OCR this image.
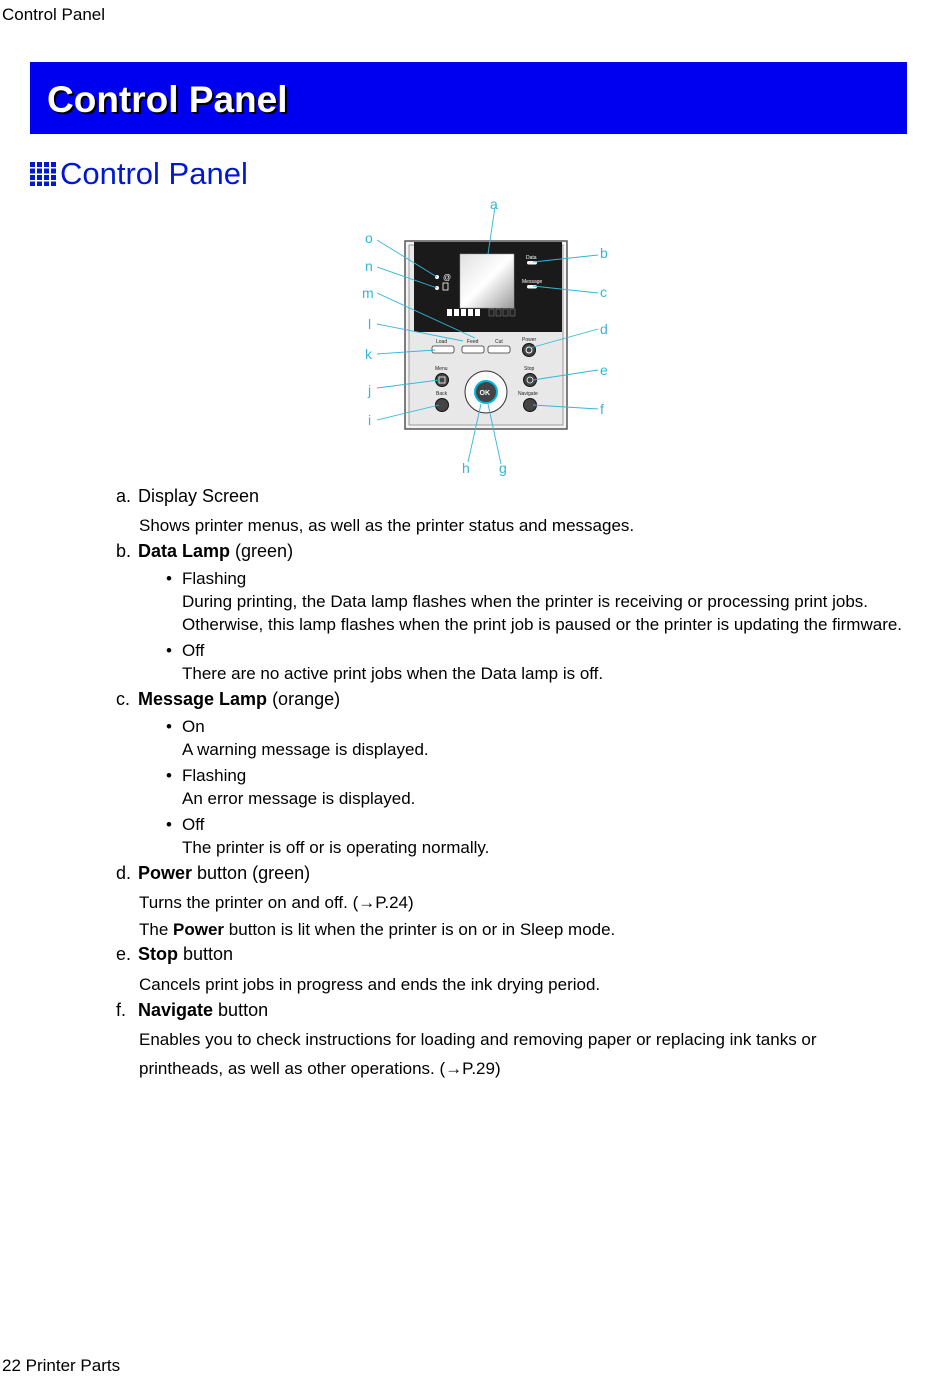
Control Panel
Control Panel
Control Panel
@
Data
Message
Load	Feed	Cut	Power
Menu
Back
Stop
Navigate
OK
a
b
c
d
e
f
g
h
i
j
k
l
m
n
o
a. Display Screen
Shows printer menus, as well as the printer status and messages.
b. Data Lamp (green)
• Flashing
During printing, the Data lamp flashes when the printer is receiving or processing print jobs.
Otherwise, this lamp flashes when the print job is paused or the printer is updating the firmware.
• Off
There are no active print jobs when the Data lamp is off.
c. Message Lamp (orange)
• On
A warning message is displayed.
• Flashing
An error message is displayed.
• Off
The printer is off or is operating normally.
d. Power button (green)
Turns the printer on and off. (→P.24)
The Power button is lit when the printer is on or in Sleep mode.
e. Stop button
Cancels print jobs in progress and ends the ink drying period.
f. Navigate button
Enables you to check instructions for loading and removing paper or replacing ink tanks or
printheads, as well as other operations. (→P.29)
22 Printer Parts
